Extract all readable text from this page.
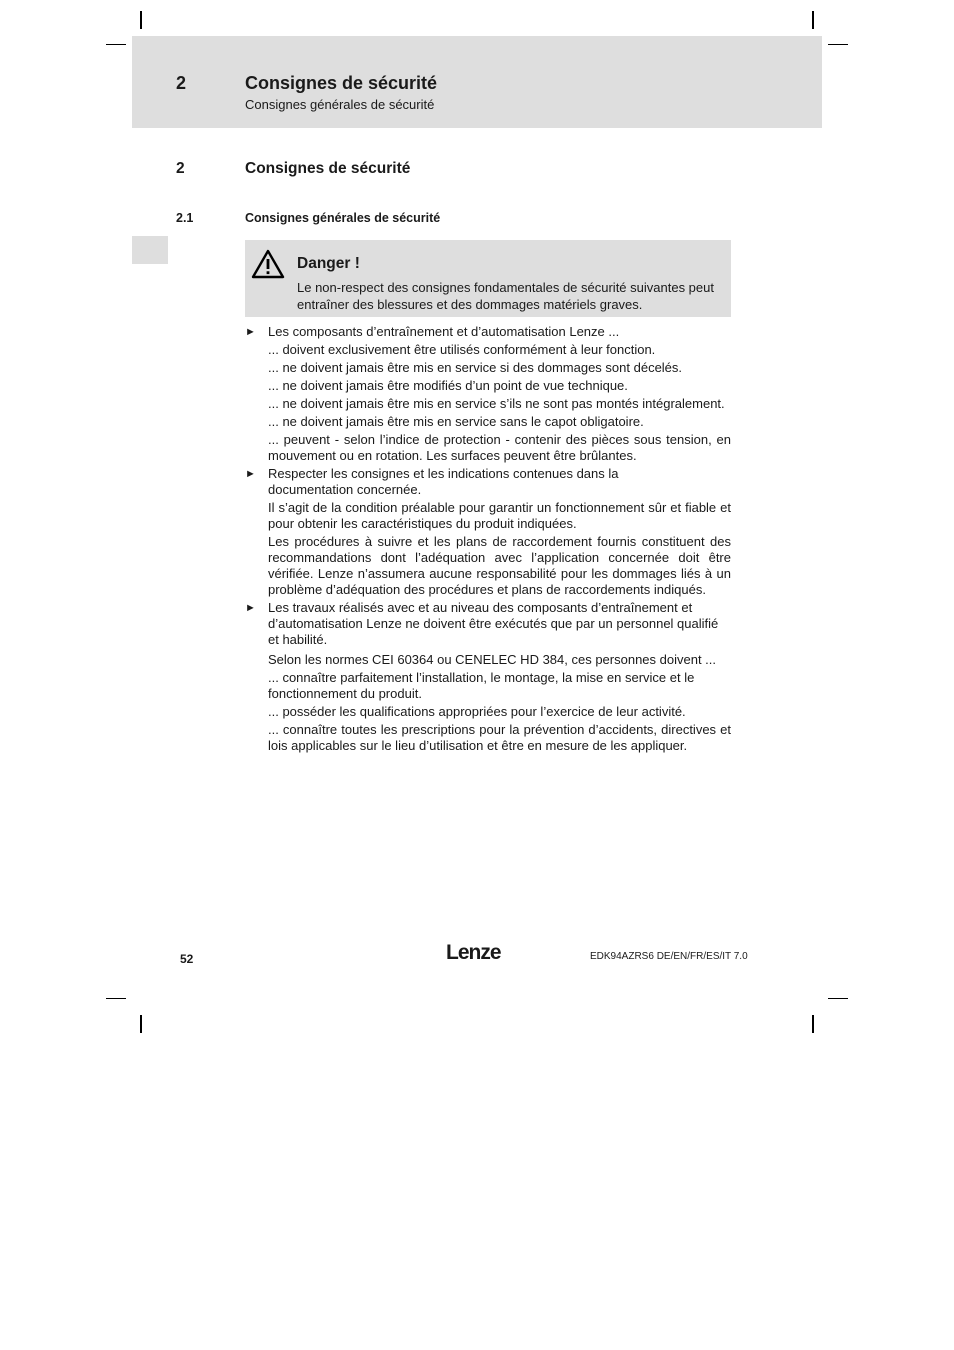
2	Consignes de sécurité
Consignes générales de sécurité
2	Consignes de sécurité
2.1	Consignes générales de sécurité
Danger !
Le non-respect des consignes fondamentales de sécurité suivantes peut entraîner des blessures et des dommages matériels graves.
► Les composants d’entraînement et d’automatisation Lenze ...
... doivent exclusivement être utilisés conformément à leur fonction.
... ne doivent jamais être mis en service si des dommages sont décelés.
... ne doivent jamais être modifiés d’un point de vue technique.
... ne doivent jamais être mis en service s’ils ne sont pas montés intégralement.
... ne doivent jamais être mis en service sans le capot obligatoire.
... peuvent - selon l’indice de protection - contenir des pièces sous tension, en mouvement ou en rotation. Les surfaces peuvent être brûlantes.
► Respecter les consignes et les indications contenues dans la documentation concernée.
Il s’agit de la condition préalable pour garantir un fonctionnement sûr et fiable et pour obtenir les caractéristiques du produit indiquées.
Les procédures à suivre et les plans de raccordement fournis constituent des recommandations dont l’adéquation avec l’application concernée doit être vérifiée. Lenze n’assumera aucune responsabilité pour les dommages liés à un problème d’adéquation des procédures et plans de raccordements indiqués.
► Les travaux réalisés avec et au niveau des composants d’entraînement et d’automatisation Lenze ne doivent être exécutés que par un personnel qualifié et habilité.
Selon les normes CEI 60364 ou CENELEC HD 384, ces personnes doivent ...
... connaître parfaitement l’installation, le montage, la mise en service et le fonctionnement du produit.
... posséder les qualifications appropriées pour l’exercice de leur activité.
... connaître toutes les prescriptions pour la prévention d’accidents, directives et lois applicables sur le lieu d’utilisation et être en mesure de les appliquer.
52	Lenze	EDK94AZRS6 DE/EN/FR/ES/IT 7.0
